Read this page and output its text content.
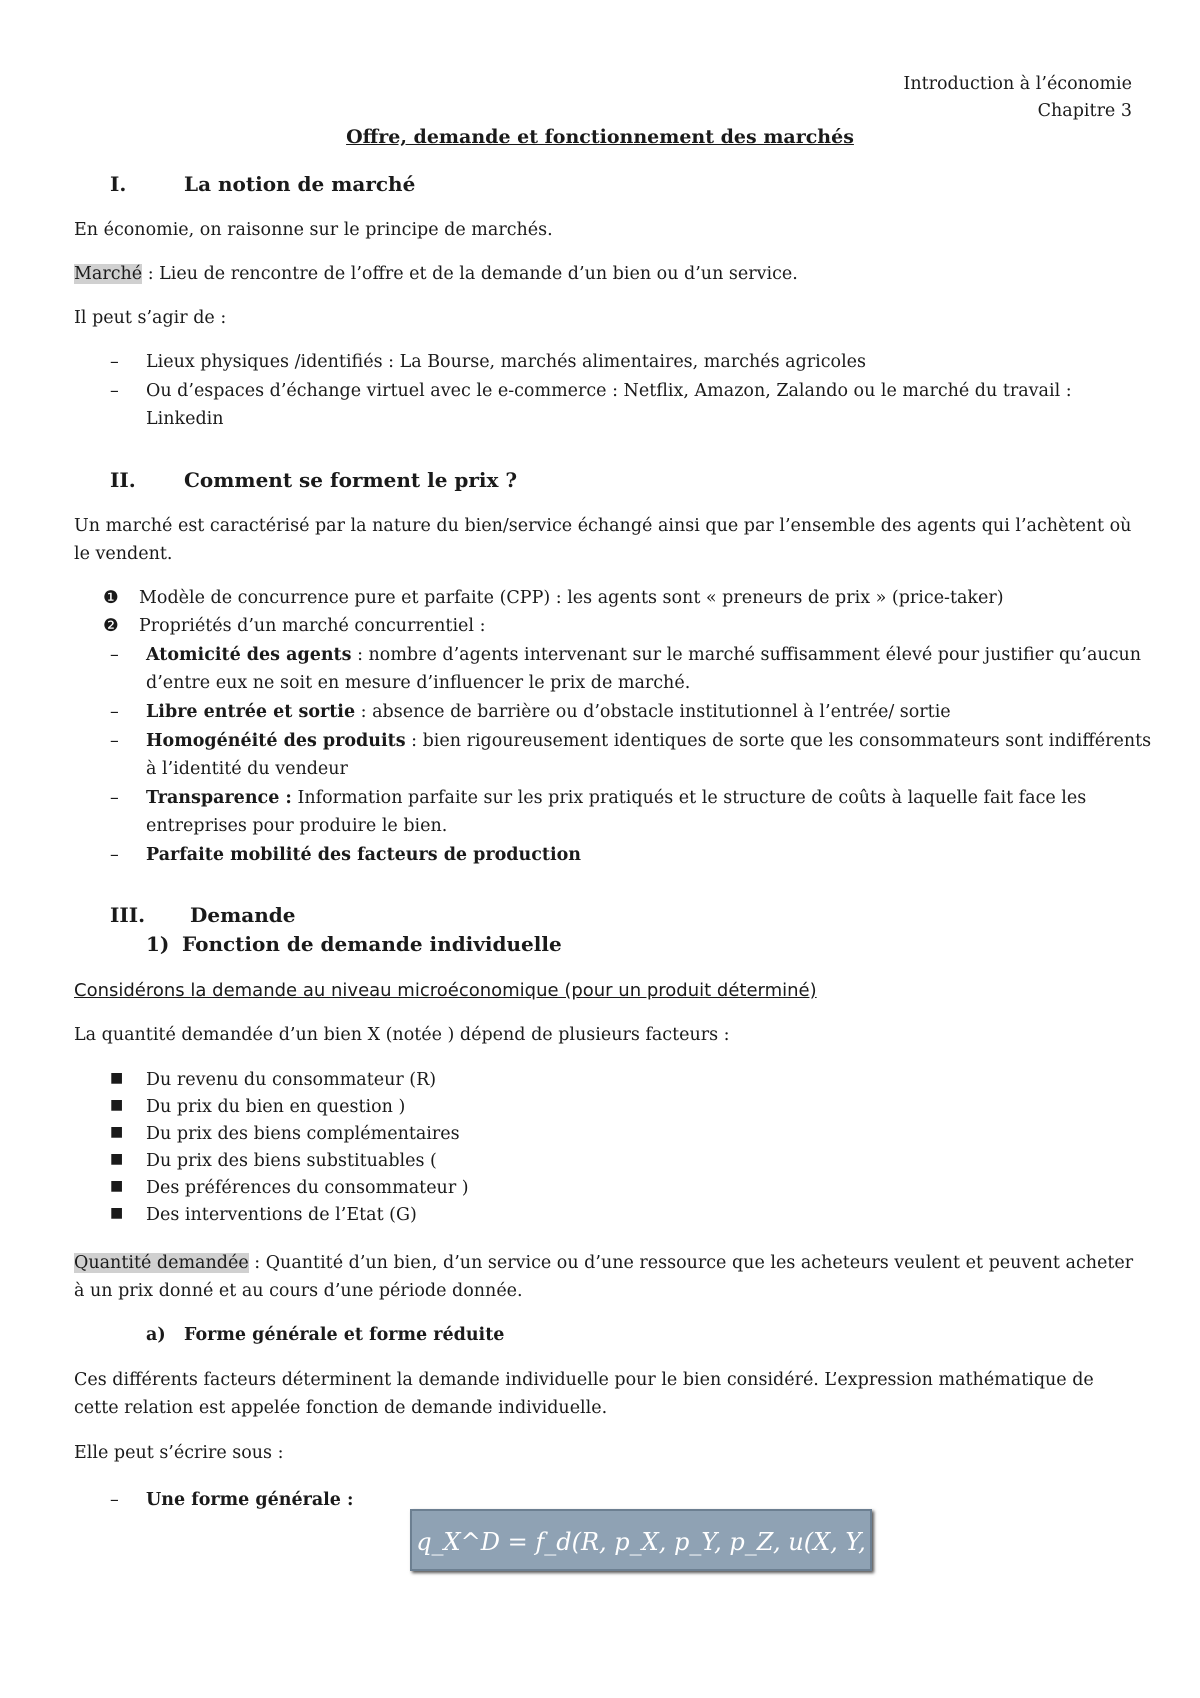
Introduction à l’économie
Chapitre 3
Offre, demande et fonctionnement des marchés
I.	La notion de marché
En économie, on raisonne sur le principe de marchés.
Marché : Lieu de rencontre de l’offre et de la demande d’un bien ou d’un service.
Il peut s’agir de :
– Lieux physiques /identifiés : La Bourse, marchés alimentaires, marchés agricoles
– Ou d’espaces d’échange virtuel avec le e-commerce : Netflix, Amazon, Zalando ou le marché du travail :
Linkedin
II. Comment se forment le prix ?
Un marché est caractérisé par la nature du bien/service échangé ainsi que par l’ensemble des agents qui l’achètent où
le vendent.
❶ Modèle de concurrence pure et parfaite (CPP) : les agents sont « preneurs de prix » (price-taker)
❷ Propriétés d’un marché concurrentiel :
– Atomicité des agents : nombre d’agents intervenant sur le marché suffisamment élevé pour justifier qu’aucun
d’entre eux ne soit en mesure d’influencer le prix de marché.
– Libre entrée et sortie : absence de barrière ou d’obstacle institutionnel à l’entrée/ sortie
– Homogénéité des produits : bien rigoureusement identiques de sorte que les consommateurs sont indifférents
à l’identité du vendeur
– Transparence : Information parfaite sur les prix pratiqués et le structure de coûts à laquelle fait face les
entreprises pour produire le bien.
– Parfaite mobilité des facteurs de production
III. Demande
1) Fonction de demande individuelle
Considérons la demande au niveau microéconomique (pour un produit déterminé)
La quantité demandée d’un bien X (notée ) dépend de plusieurs facteurs :
■ Du revenu du consommateur (R)
■ Du prix du bien en question )
■ Du prix des biens complémentaires
■ Du prix des biens substituables (
■ Des préférences du consommateur )
■ Des interventions de l’Etat (G)
Quantité demandée : Quantité d’un bien, d’un service ou d’une ressource que les acheteurs veulent et peuvent acheter
à un prix donné et au cours d’une période donnée.
a) Forme générale et forme réduite
Ces différents facteurs déterminent la demande individuelle pour le bien considéré. L’expression mathématique de
cette relation est appelée fonction de demande individuelle.
Elle peut s’écrire sous :
– Une forme générale :
q_X^D = f_d(R, p_X, p_Y, p_Z, u(X, Y, Z, . . .), G, . . .)
